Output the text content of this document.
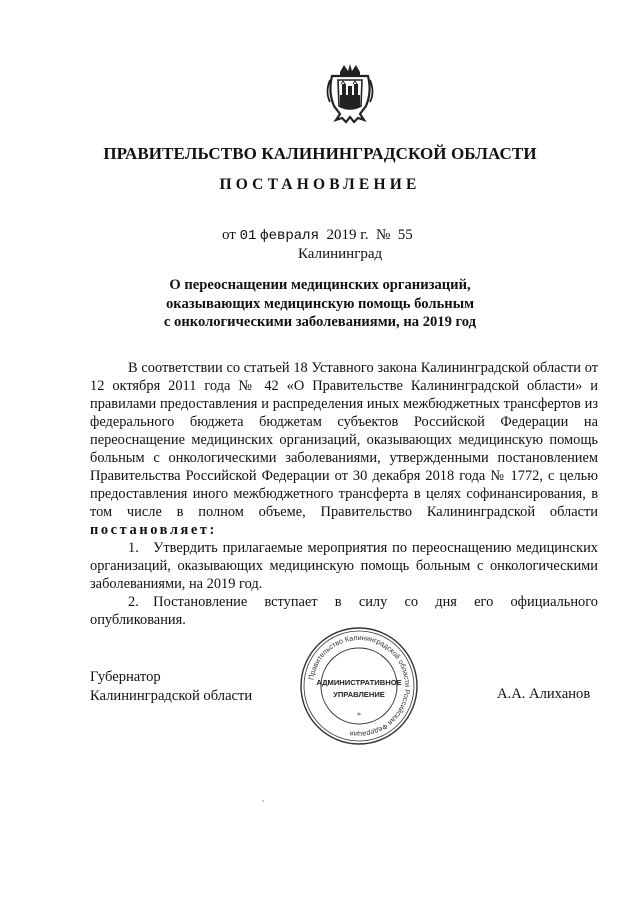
ПРАВИТЕЛЬСТВО КАЛИНИНГРАДСКОЙ ОБЛАСТИ
ПОСТАНОВЛЕНИЕ
от 01 февраля 2019 г. № 55
Калининград
О переоснащении медицинских организаций,
оказывающих медицинскую помощь больным
с онкологическими заболеваниями, на 2019 год

В соответствии со статьей 18 Уставного закона Калининградской области от 12 октября 2011 года № 42 «О Правительстве Калининградской области» и правилами предоставления и распределения иных межбюджетных трансфертов из федерального бюджета бюджетам субъектов Российской Федерации на переоснащение медицинских организаций, оказывающих медицинскую помощь больным с онкологическими заболеваниями, утвержденными постановлением Правительства Российской Федерации от 30 декабря 2018 года № 1772, с целью предоставления иного межбюджетного трансферта в целях софинансирования, в том числе в полном объеме, Правительство Калининградской области постановляет:

1. Утвердить прилагаемые мероприятия по переоснащению медицинских организаций, оказывающих медицинскую помощь больным с онкологическими заболеваниями, на 2019 год.

2. Постановление вступает в силу со дня его официального опубликования.

Губернатор
Калининградской области	А.А. Алиханов
Правительство Калининградской области Российская Федерация
АДМИНИСТРАТИВНОЕ
УПРАВЛЕНИЕ
*
